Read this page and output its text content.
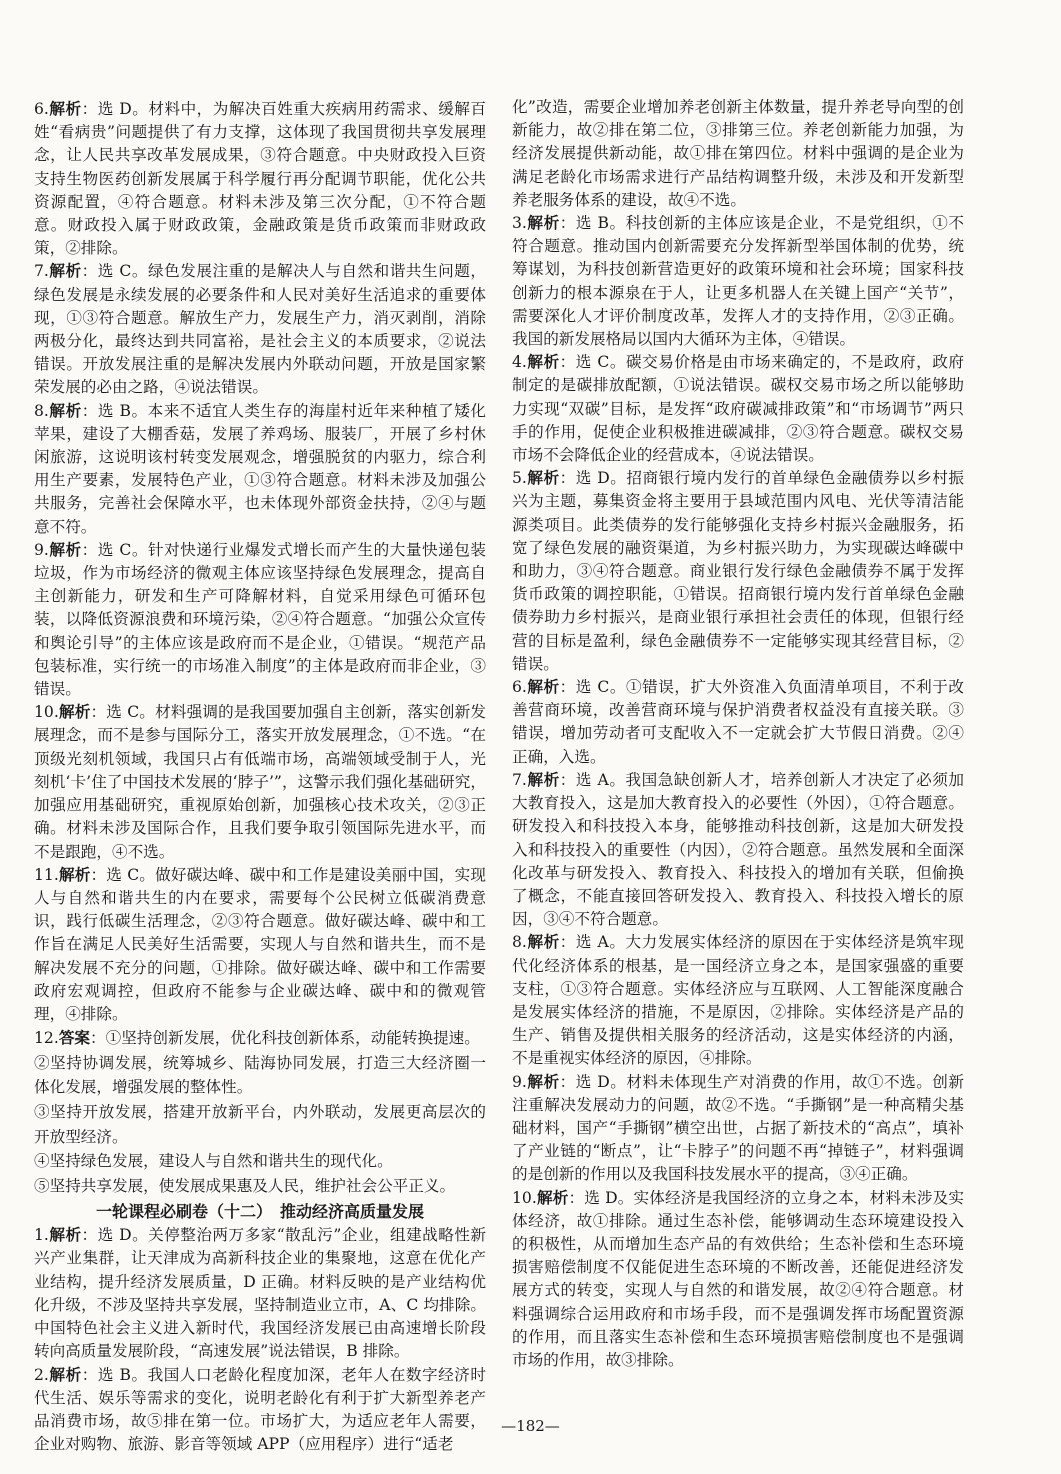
6.解析：选 D。材料中，为解决百姓重大疾病用药需求、缓解百姓“看病贵”问题提供了有力支撑，这体现了我国贯彻共享发展理念，让人民共享改革发展成果，③符合题意。中央财政投入巨资支持生物医药创新发展属于科学履行再分配调节职能，优化公共资源配置，④符合题意。材料未涉及第三次分配，①不符合题意。财政投入属于财政政策，金融政策是货币政策而非财政政策，②排除。

7.解析：选 C。绿色发展注重的是解决人与自然和谐共生问题，绿色发展是永续发展的必要条件和人民对美好生活追求的重要体现，①③符合题意。解放生产力，发展生产力，消灭剥削，消除两极分化，最终达到共同富裕，是社会主义的本质要求，②说法错误。开放发展注重的是解决发展内外联动问题，开放是国家繁荣发展的必由之路，④说法错误。

8.解析：选 B。本来不适宜人类生存的海崖村近年来种植了矮化苹果，建设了大棚香菇，发展了养鸡场、服装厂，开展了乡村休闲旅游，这说明该村转变发展观念，增强脱贫的内驱力，综合利用生产要素，发展特色产业，①③符合题意。材料未涉及加强公共服务，完善社会保障水平，也未体现外部资金扶持，②④与题意不符。

9.解析：选 C。针对快递行业爆发式增长而产生的大量快递包装垃圾，作为市场经济的微观主体应该坚持绿色发展理念，提高自主创新能力，研发和生产可降解材料，自觉采用绿色可循环包装，以降低资源浪费和环境污染，②④符合题意。“加强公众宣传和舆论引导”的主体应该是政府而不是企业，①错误。“规范产品包装标准，实行统一的市场准入制度”的主体是政府而非企业，③错误。

10.解析：选 C。材料强调的是我国要加强自主创新，落实创新发展理念，而不是参与国际分工，落实开放发展理念，①不选。“在顶级光刻机领域，我国只占有低端市场，高端领域受制于人，光刻机‘卡’住了中国技术发展的‘脖子’”，这警示我们强化基础研究，加强应用基础研究，重视原始创新，加强核心技术攻关，②③正确。材料未涉及国际合作，且我们要争取引领国际先进水平，而不是跟跑，④不选。

11.解析：选 C。做好碳达峰、碳中和工作是建设美丽中国，实现人与自然和谐共生的内在要求，需要每个公民树立低碳消费意识，践行低碳生活理念，②③符合题意。做好碳达峰、碳中和工作旨在满足人民美好生活需要，实现人与自然和谐共生，而不是解决发展不充分的问题，①排除。做好碳达峰、碳中和工作需要政府宏观调控，但政府不能参与企业碳达峰、碳中和的微观管理，④排除。

12.答案：①坚持创新发展，优化科技创新体系，动能转换提速。

②坚持协调发展，统筹城乡、陆海协同发展，打造三大经济圈一体化发展，增强发展的整体性。

③坚持开放发展，搭建开放新平台，内外联动，发展更高层次的开放型经济。

④坚持绿色发展，建设人与自然和谐共生的现代化。

⑤坚持共享发展，使发展成果惠及人民，维护社会公平正义。

一轮课程必刷卷（十二）　推动经济高质量发展

1.解析：选 D。关停整治两万多家“散乱污”企业，组建战略性新兴产业集群，让天津成为高新科技企业的集聚地，这意在优化产业结构，提升经济发展质量，D 正确。材料反映的是产业结构优化升级，不涉及坚持共享发展，坚持制造业立市，A、C 均排除。中国特色社会主义进入新时代，我国经济发展已由高速增长阶段转向高质量发展阶段，“高速发展”说法错误，B 排除。

2.解析：选 B。我国人口老龄化程度加深，老年人在数字经济时代生活、娱乐等需求的变化，说明老龄化有利于扩大新型养老产品消费市场，故⑤排在第一位。市场扩大，为适应老年人需要，企业对购物、旅游、影音等领域 APP（应用程序）进行“适老

化”改造，需要企业增加养老创新主体数量，提升养老导向型的创新能力，故②排在第二位，③排第三位。养老创新能力加强，为经济发展提供新动能，故①排在第四位。材料中强调的是企业为满足老龄化市场需求进行产品结构调整升级，未涉及和开发新型养老服务体系的建设，故④不选。

3.解析：选 B。科技创新的主体应该是企业，不是党组织，①不符合题意。推动国内创新需要充分发挥新型举国体制的优势，统筹谋划，为科技创新营造更好的政策环境和社会环境；国家科技创新力的根本源泉在于人，让更多机器人在关键上国产“关节”，需要深化人才评价制度改革，发挥人才的支持作用，②③正确。我国的新发展格局以国内大循环为主体，④错误。

4.解析：选 C。碳交易价格是由市场来确定的，不是政府，政府制定的是碳排放配额，①说法错误。碳权交易市场之所以能够助力实现“双碳”目标，是发挥“政府碳减排政策”和“市场调节”两只手的作用，促使企业积极推进碳减排，②③符合题意。碳权交易市场不会降低企业的经营成本，④说法错误。

5.解析：选 D。招商银行境内发行的首单绿色金融债券以乡村振兴为主题，募集资金将主要用于县域范围内风电、光伏等清洁能源类项目。此类债券的发行能够强化支持乡村振兴金融服务，拓宽了绿色发展的融资渠道，为乡村振兴助力，为实现碳达峰碳中和助力，③④符合题意。商业银行发行绿色金融债券不属于发挥货币政策的调控职能，①错误。招商银行境内发行首单绿色金融债券助力乡村振兴，是商业银行承担社会责任的体现，但银行经营的目标是盈利，绿色金融债券不一定能够实现其经营目标，②错误。

6.解析：选 C。①错误，扩大外资准入负面清单项目，不利于改善营商环境，改善营商环境与保护消费者权益没有直接关联。③错误，增加劳动者可支配收入不一定就会扩大节假日消费。②④正确，入选。

7.解析：选 A。我国急缺创新人才，培养创新人才决定了必须加大教育投入，这是加大教育投入的必要性（外因），①符合题意。研发投入和科技投入本身，能够推动科技创新，这是加大研发投入和科技投入的重要性（内因），②符合题意。虽然发展和全面深化改革与研发投入、教育投入、科技投入的增加有关联，但偷换了概念，不能直接回答研发投入、教育投入、科技投入增长的原因，③④不符合题意。

8.解析：选 A。大力发展实体经济的原因在于实体经济是筑牢现代化经济体系的根基，是一国经济立身之本，是国家强盛的重要支柱，①③符合题意。实体经济应与互联网、人工智能深度融合是发展实体经济的措施，不是原因，②排除。实体经济是产品的生产、销售及提供相关服务的经济活动，这是实体经济的内涵，不是重视实体经济的原因，④排除。

9.解析：选 D。材料未体现生产对消费的作用，故①不选。创新注重解决发展动力的问题，故②不选。“手撕钢”是一种高精尖基础材料，国产“手撕钢”横空出世，占据了新技术的“高点”，填补了产业链的“断点”，让“卡脖子”的问题不再“掉链子”，材料强调的是创新的作用以及我国科技发展水平的提高，③④正确。

10.解析：选 D。实体经济是我国经济的立身之本，材料未涉及实体经济，故①排除。通过生态补偿，能够调动生态环境建设投入的积极性，从而增加生态产品的有效供给；生态补偿和生态环境损害赔偿制度不仅能促进生态环境的不断改善，还能促进经济发展方式的转变，实现人与自然的和谐发展，故②④符合题意。材料强调综合运用政府和市场手段，而不是强调发挥市场配置资源的作用，而且落实生态补偿和生态环境损害赔偿制度也不是强调市场的作用，故③排除。

—182—
